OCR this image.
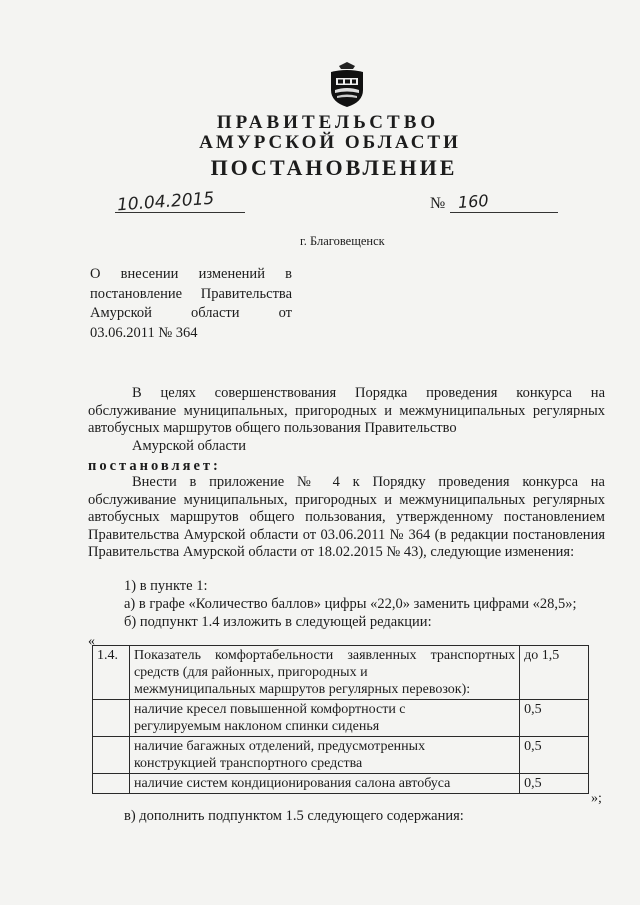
ПРАВИТЕЛЬСТВО
АМУРСКОЙ ОБЛАСТИ
ПОСТАНОВЛЕНИЕ
10.04.2015	№ 160
г. Благовещенск
О внесении изменений в
постановление Правительства
Амурской области от
03.06.2011 № 364
В целях совершенствования Порядка проведения конкурса на обслуживание муниципальных, пригородных и межмуниципальных регулярных автобусных маршрутов общего пользования Правительство
Амурской области
постановляет:
Внести в приложение № 4 к Порядку проведения конкурса на обслуживание муниципальных, пригородных и межмуниципальных регулярных автобусных маршрутов общего пользования, утвержденному постановлением Правительства Амурской области от 03.06.2011 № 364 (в редакции постановления Правительства Амурской области от 18.02.2015 № 43), следующие изменения:
1) в пункте 1:
а) в графе «Количество баллов» цифры «22,0» заменить цифрами «28,5»;
б) подпункт 1.4 изложить в следующей редакции:
«
1.4.	Показатель комфортабельности заявленных транспортных средств (для районных, пригородных и
межмуниципальных маршрутов регулярных перевозок):	до 1,5
	наличие кресел повышенной комфортности с
регулируемым наклоном спинки сиденья	0,5
	наличие багажных отделений, предусмотренных
конструкцией транспортного средства	0,5

	наличие систем кондиционирования салона автобуса	0,5
»;
в) дополнить подпунктом 1.5 следующего содержания:
